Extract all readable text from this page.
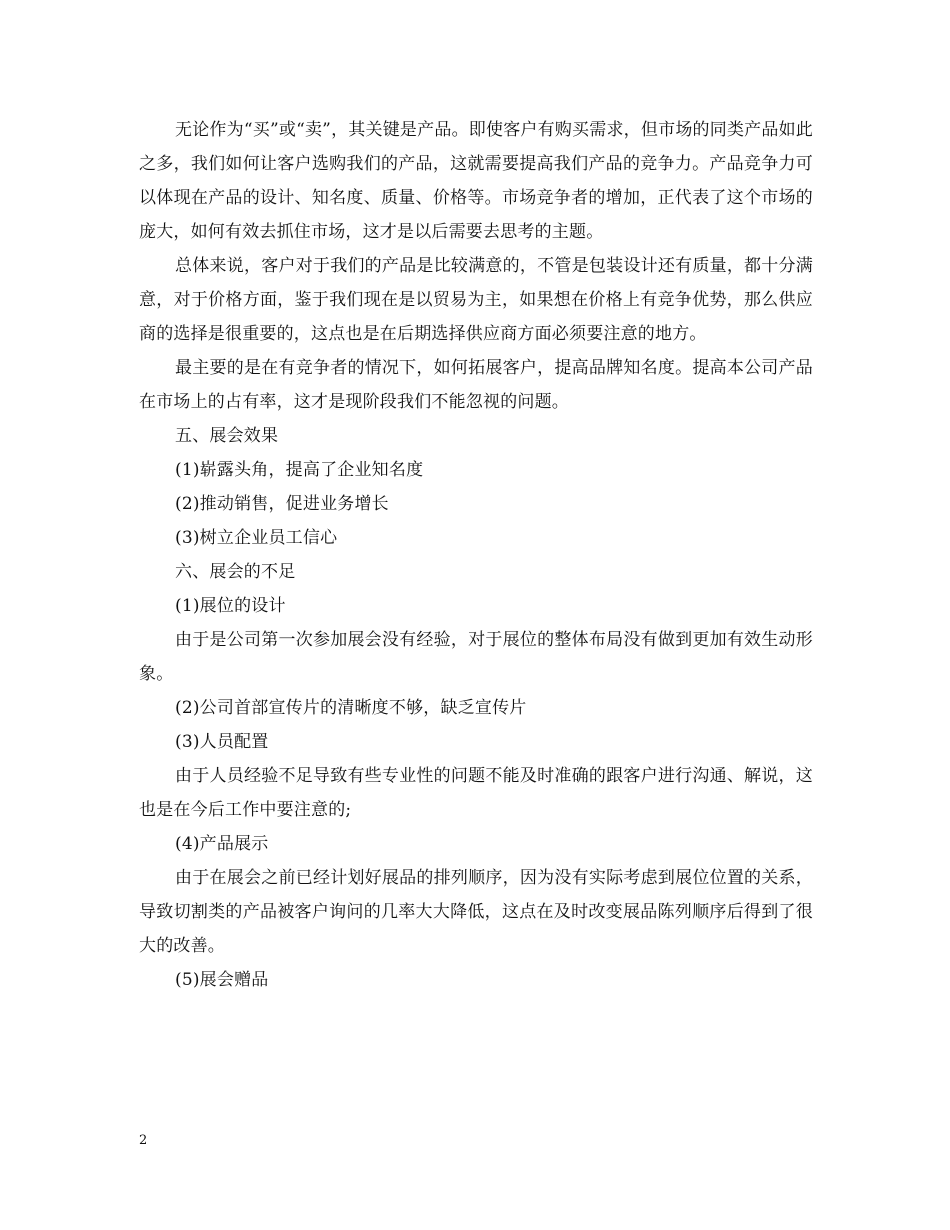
无论作为“买”或“卖”，其关键是产品。即使客户有购买需求，但市场的同类产品如此之多，我们如何让客户选购我们的产品，这就需要提高我们产品的竞争力。产品竞争力可以体现在产品的设计、知名度、质量、价格等。市场竞争者的增加，正代表了这个市场的庞大，如何有效去抓住市场，这才是以后需要去思考的主题。

总体来说，客户对于我们的产品是比较满意的，不管是包装设计还有质量，都十分满意，对于价格方面，鉴于我们现在是以贸易为主，如果想在价格上有竞争优势，那么供应商的选择是很重要的，这点也是在后期选择供应商方面必须要注意的地方。

最主要的是在有竞争者的情况下，如何拓展客户，提高品牌知名度。提高本公司产品在市场上的占有率，这才是现阶段我们不能忽视的问题。

五、展会效果

(1)崭露头角，提高了企业知名度

(2)推动销售，促进业务增长

(3)树立企业员工信心

六、展会的不足

(1)展位的设计

由于是公司第一次参加展会没有经验，对于展位的整体布局没有做到更加有效生动形象。

(2)公司首部宣传片的清晰度不够，缺乏宣传片

(3)人员配置

由于人员经验不足导致有些专业性的问题不能及时准确的跟客户进行沟通、解说，这也是在今后工作中要注意的;

(4)产品展示

由于在展会之前已经计划好展品的排列顺序，因为没有实际考虑到展位位置的关系，导致切割类的产品被客户询问的几率大大降低，这点在及时改变展品陈列顺序后得到了很大的改善。

(5)展会赠品

2
